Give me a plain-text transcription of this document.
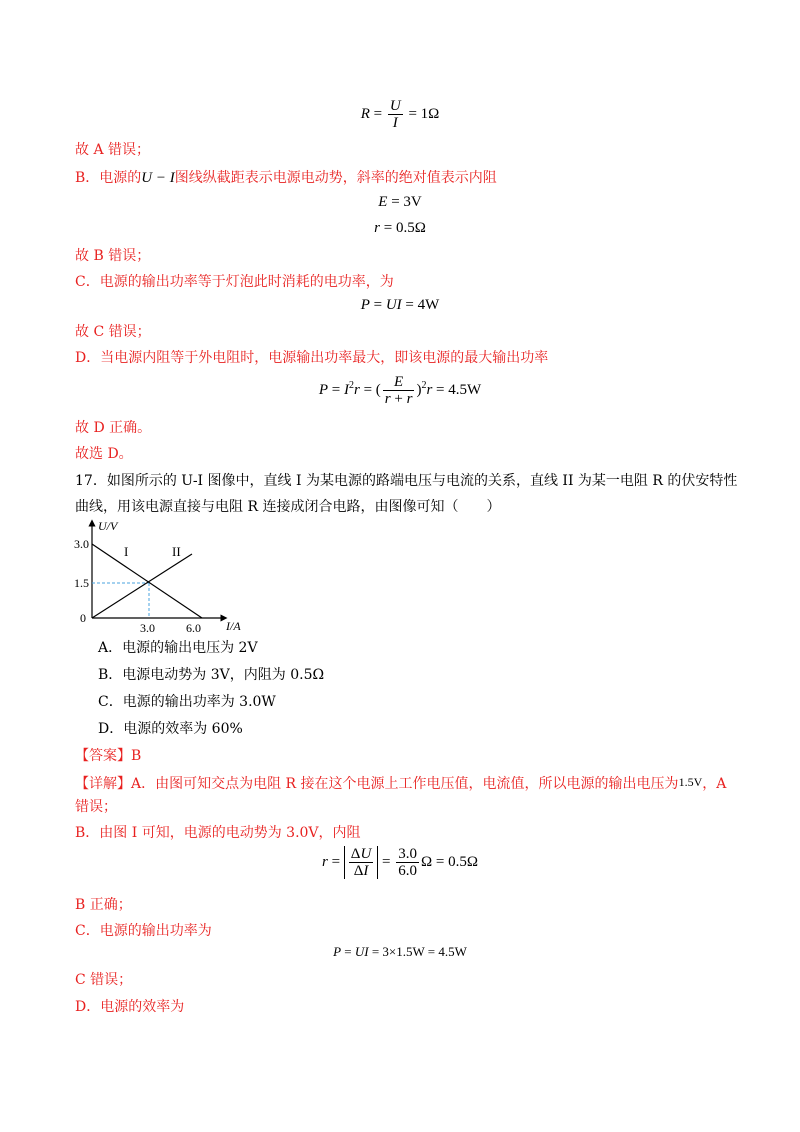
$R = \frac{U}{I} = 1\Omega$
故 A 错误；
B．电源的U − I图线纵截距表示电源电动势，斜率的绝对值表示内阻
E = 3V
r = 0.5Ω
故 B 错误；
C．电源的输出功率等于灯泡此时消耗的电功率，为
P = UI = 4W
故 C 错误；
D．当电源内阻等于外电阻时，电源输出功率最大，即该电源的最大输出功率
$P = I^2r$ = ( $\frac{E}{r + r} )^2r = 4.5W$
故 D 正确。
故选 D。
17．如图所示的 U-I 图像中，直线 I 为某电源的路端电压与电流的关系，直线 II 为某一电阻 R 的伏安特性
曲线，用该电源直接与电阻 R 连接成闭合电路，由图像可知（　　）
U/V
I/A
3.0
1.5
0
3.0	6.0
I	II
A．电源的输出电压为 2V
B．电源电动势为 3V，内阻为 0.5Ω
C．电源的输出功率为 3.0W
D．电源的效率为 60%
【答案】B
【详解】A．由图可知交点为电阻 R 接在这个电源上工作电压值，电流值，所以电源的输出电压为1.5V，A
错误；
B．由图 I 可知，电源的电动势为 3.0V，内阻
$r = \frac{\Delta U}{\Delta I} = \frac{3.0}{6.0}$ Ω = 0.5Ω
B 正确；
C．电源的输出功率为
P = UI = 3×1.5W = 4.5W
C 错误；
D．电源的效率为
